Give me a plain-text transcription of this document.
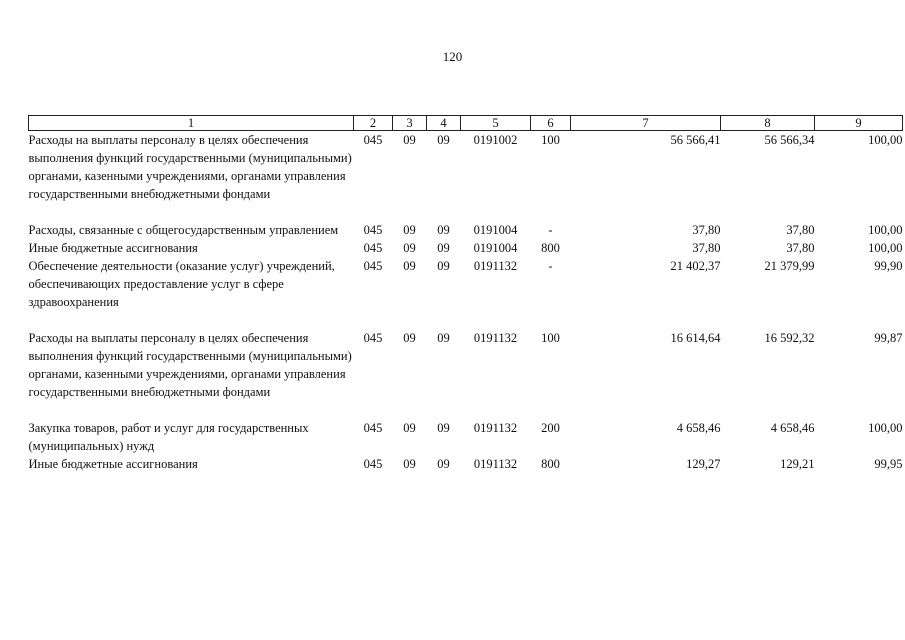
120
1	2	3	4	5	6	7	8	9
Расходы на выплаты персоналу в целях обеспечения выполнения функций государственными (муниципальными) органами, казенными учреждениями, органами управления государственными внебюджетными фондами	045	09	09	0191002	100	56 566,41	56 566,34	100,00

Расходы, связанные с общегосударственным управлением	045	09	09	0191004	-	37,80	37,80	100,00
Иные бюджетные ассигнования	045	09	09	0191004	800	37,80	37,80	100,00
Обеспечение деятельности (оказание услуг) учреждений, обеспечивающих предоставление услуг в сфере здравоохранения	045	09	09	0191132	-	21 402,37	21 379,99	99,90

Расходы на выплаты персоналу в целях обеспечения выполнения функций государственными (муниципальными) органами, казенными учреждениями, органами управления государственными внебюджетными фондами	045	09	09	0191132	100	16 614,64	16 592,32	99,87

Закупка товаров, работ и услуг для государственных (муниципальных) нужд	045	09	09	0191132	200	4 658,46	4 658,46	100,00
Иные бюджетные ассигнования	045	09	09	0191132	800	129,27	129,21	99,95
